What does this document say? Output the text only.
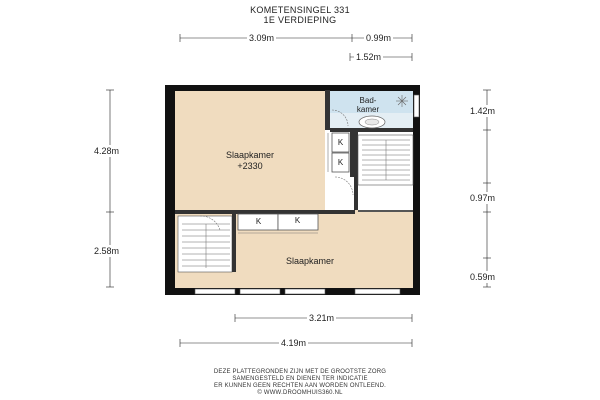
KOMETENSINGEL 331
1E VERDIEPING
3.09m	0.99m
1.52m
4.28m
2.58m
1.42m
0.97m
0.59m
3.21m
4.19m
Slaapkamer
+2330
Bad-
kamer
Slaapkamer
K
K
K	K
DEZE PLATTEGRONDEN ZIJN MET DE GROOTSTE ZORG
SAMENGESTELD EN DIENEN TER INDICATIE
ER KUNNEN GEEN RECHTEN AAN WORDEN ONTLEEND.
© WWW.DROOMHUIS360.NL
